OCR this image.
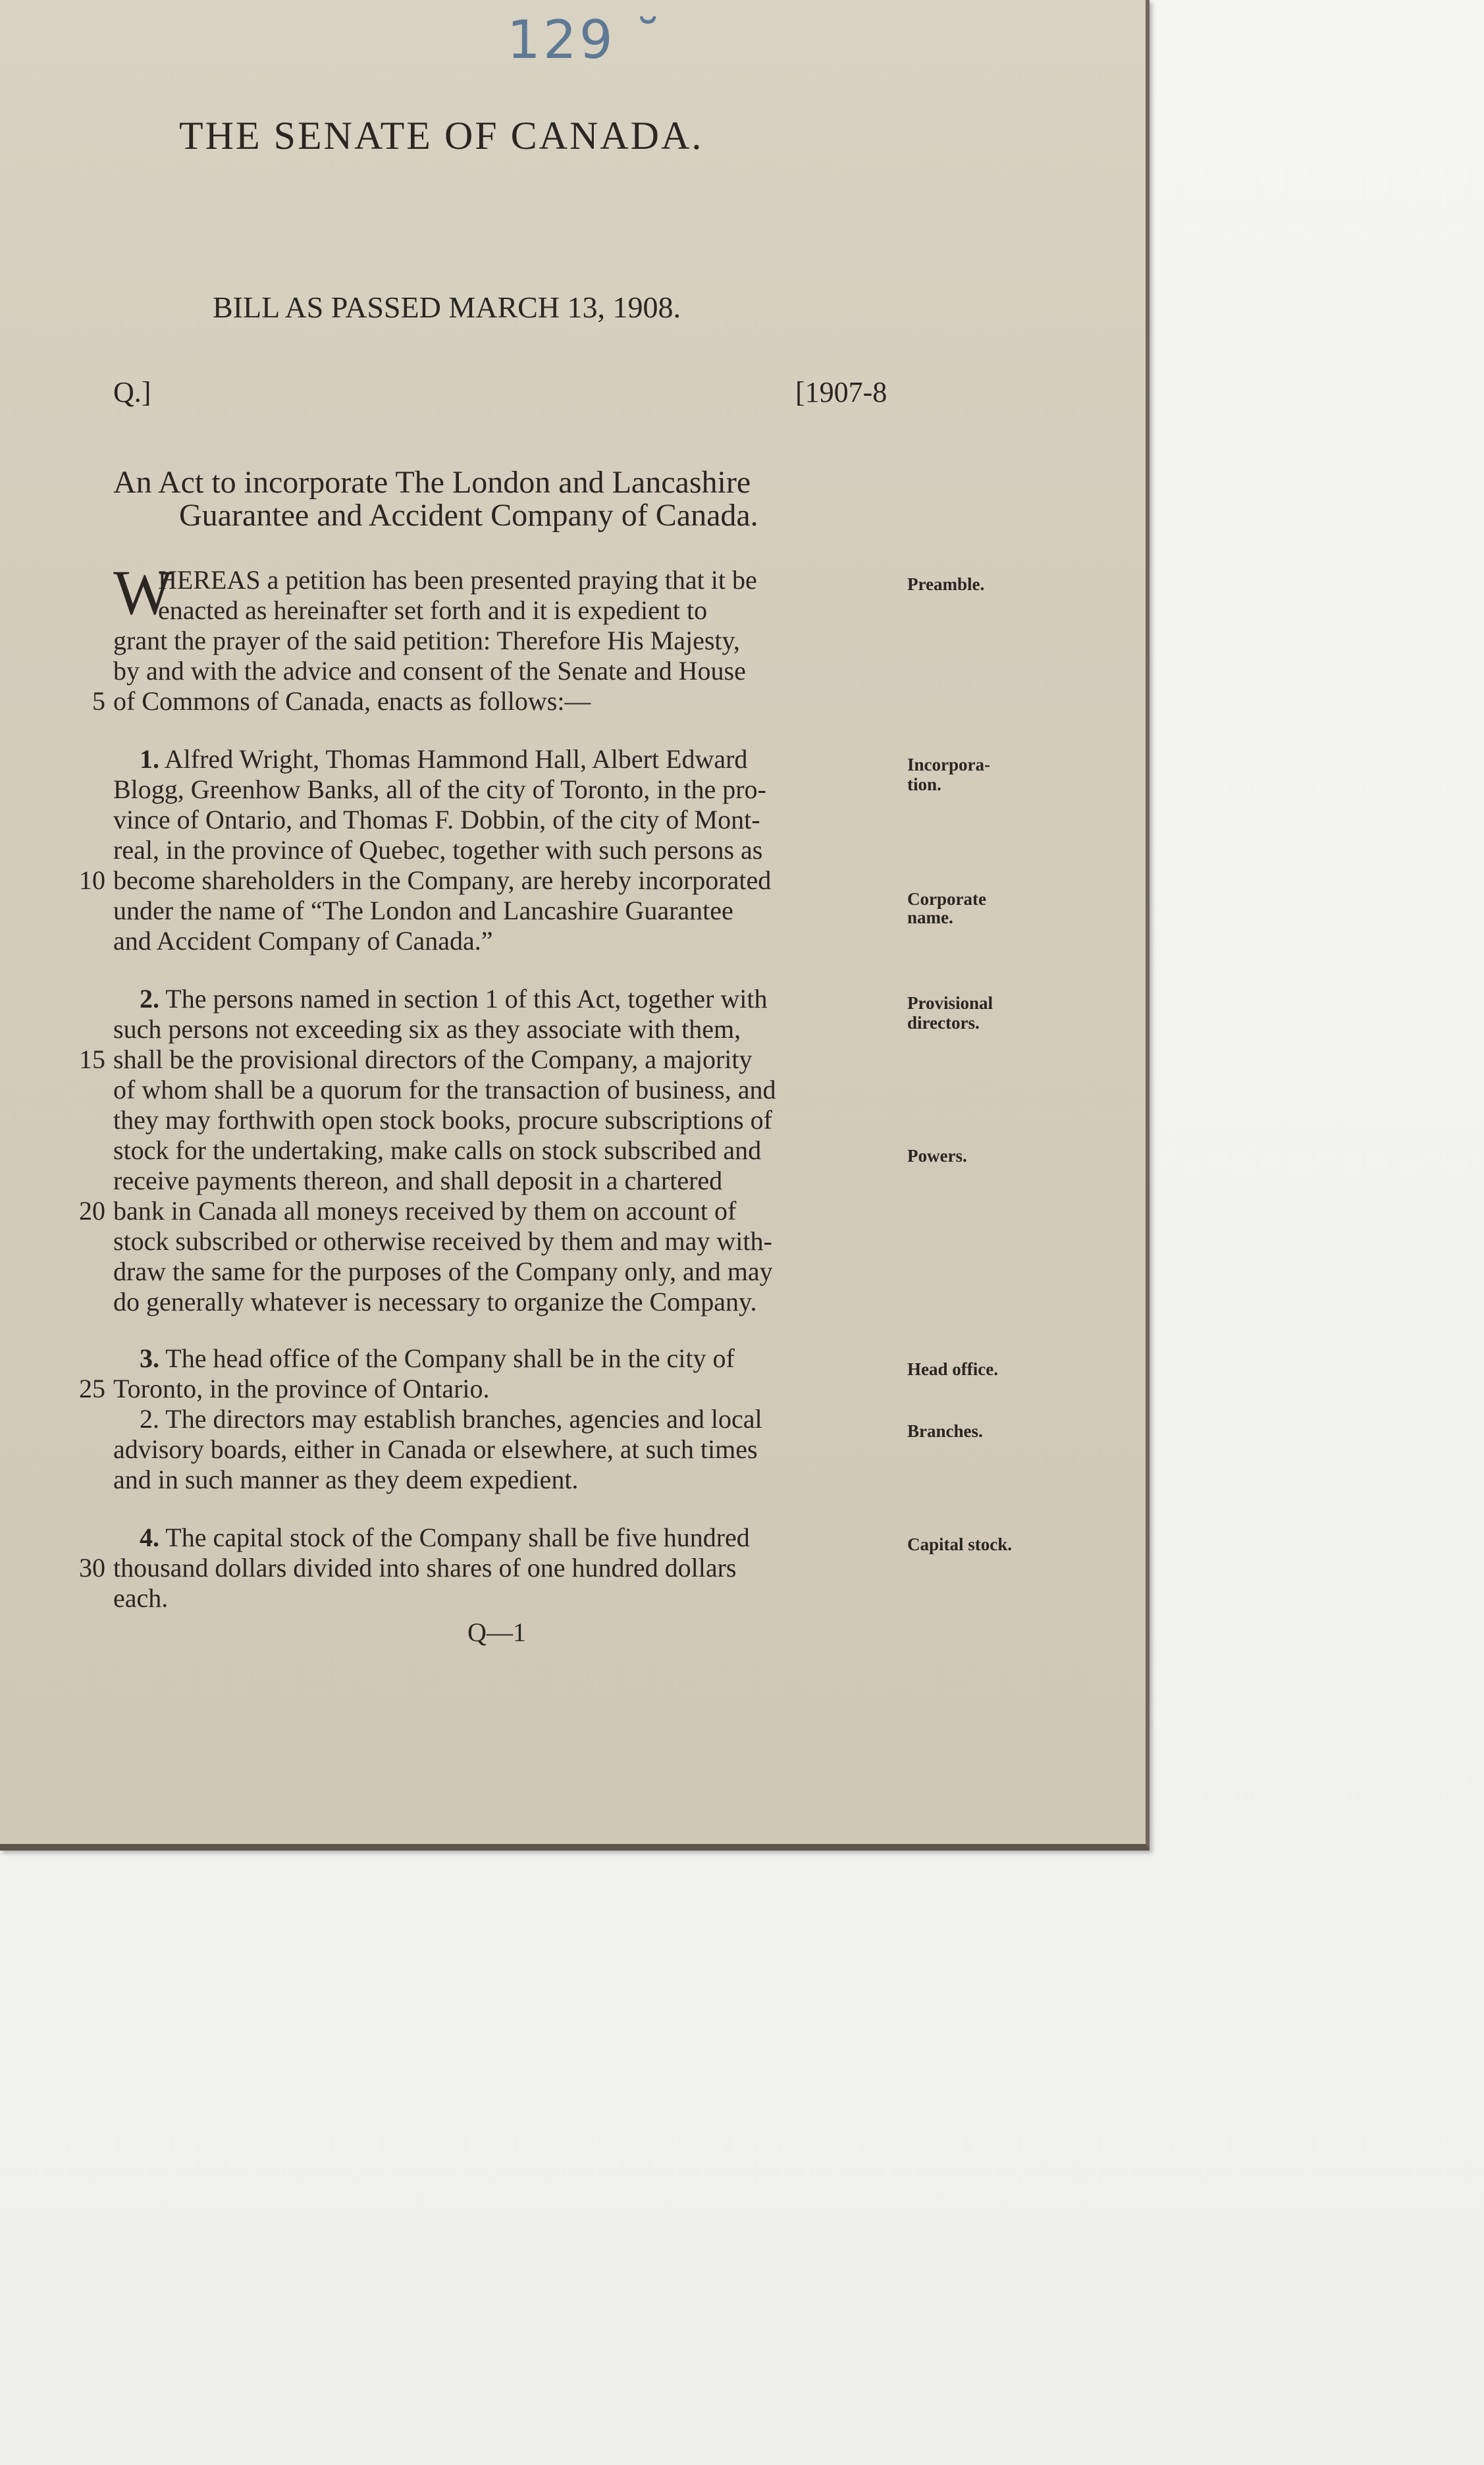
129 ˘
THE SENATE OF CANADA.
BILL AS PASSED MARCH 13, 1908.
Q.]	[1907-8
An Act to incorporate The London and Lancashire
Guarantee and Accident Company of Canada.
W
HEREAS a petition has been presented praying that it be
enacted as hereinafter set forth and it is expedient to
grant the prayer of the said petition: Therefore His Majesty,
by and with the advice and consent of the Senate and House
5 of Commons of Canada, enacts as follows:—
Preamble.
1. Alfred Wright, Thomas Hammond Hall, Albert Edward
Blogg, Greenhow Banks, all of the city of Toronto, in the pro-
vince of Ontario, and Thomas F. Dobbin, of the city of Mont-
real, in the province of Quebec, together with such persons as
10 become shareholders in the Company, are hereby incorporated
under the name of “The London and Lancashire Guarantee
and Accident Company of Canada.”
Incorpora-
tion.
Corporate
name.
2. The persons named in section 1 of this Act, together with
such persons not exceeding six as they associate with them,
15 shall be the provisional directors of the Company, a majority
of whom shall be a quorum for the transaction of business, and
they may forthwith open stock books, procure subscriptions of
stock for the undertaking, make calls on stock subscribed and
receive payments thereon, and shall deposit in a chartered
20 bank in Canada all moneys received by them on account of
stock subscribed or otherwise received by them and may with-
draw the same for the purposes of the Company only, and may
do generally whatever is necessary to organize the Company.
Provisional
directors.
Powers.
3. The head office of the Company shall be in the city of
25 Toronto, in the province of Ontario.
2. The directors may establish branches, agencies and local
advisory boards, either in Canada or elsewhere, at such times
and in such manner as they deem expedient.
Head office.
Branches.
4. The capital stock of the Company shall be five hundred
30 thousand dollars divided into shares of one hundred dollars
each.
Capital stock.
Q—1
